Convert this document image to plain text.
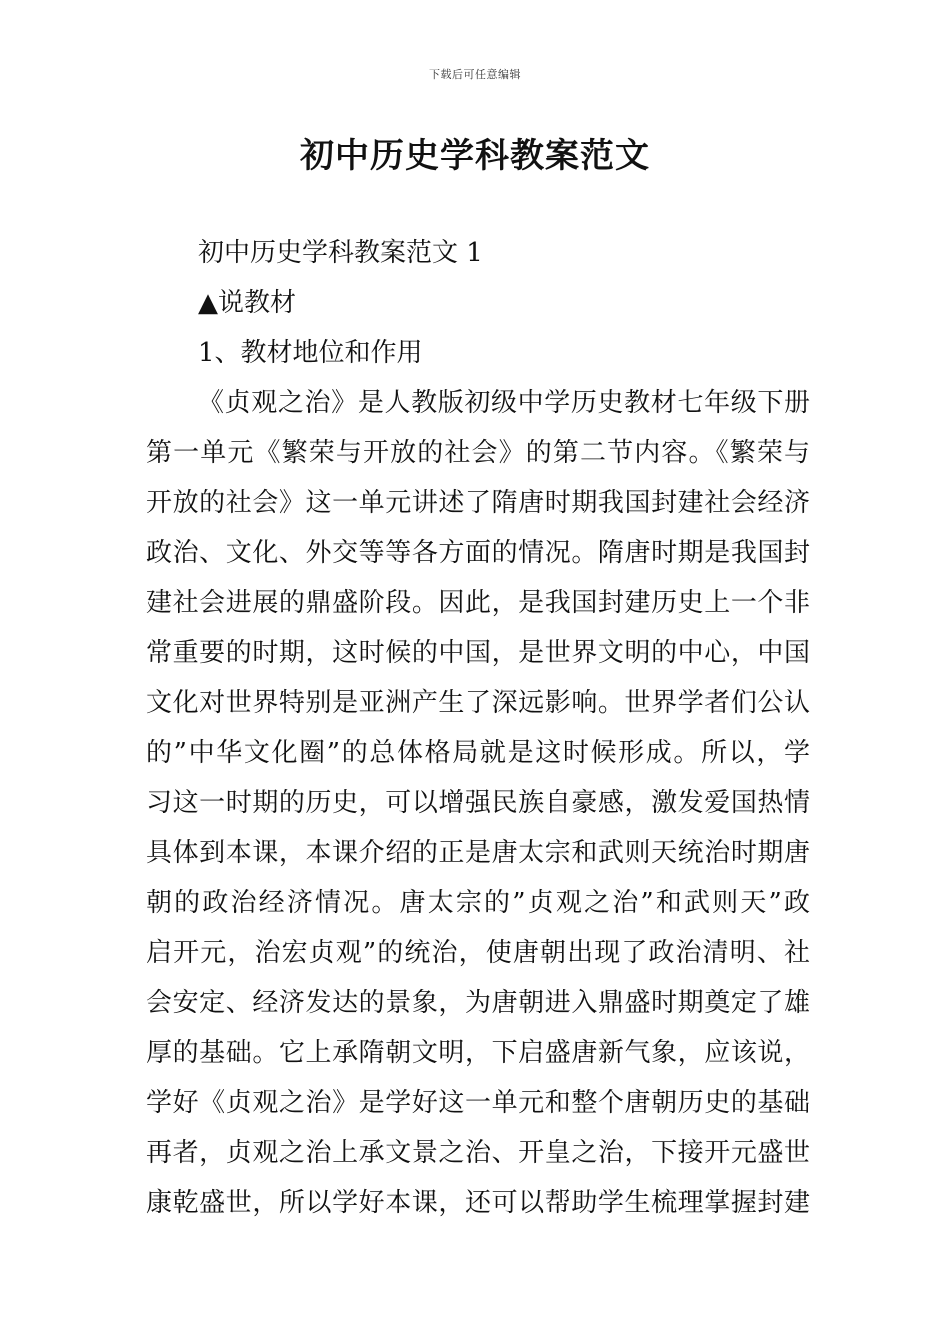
下载后可任意编辑
初中历史学科教案范文

初中历史学科教案范文 1

▲说教材

1、教材地位和作用

《贞观之治》是人教版初级中学历史教材七年级下册
第一单元《繁荣与开放的社会》的第二节内容。《繁荣与
开放的社会》这一单元讲述了隋唐时期我国封建社会经济
政治、文化、外交等等各方面的情况。隋唐时期是我国封
建社会进展的鼎盛阶段。因此，是我国封建历史上一个非
常重要的时期，这时候的中国，是世界文明的中心，中国
文化对世界特别是亚洲产生了深远影响。世界学者们公认
的”中华文化圈”的总体格局就是这时候形成。所以，学
习这一时期的历史，可以增强民族自豪感，激发爱国热情
具体到本课，本课介绍的正是唐太宗和武则天统治时期唐
朝的政治经济情况。唐太宗的”贞观之治”和武则天”政
启开元，治宏贞观”的统治，使唐朝出现了政治清明、社
会安定、经济发达的景象，为唐朝进入鼎盛时期奠定了雄
厚的基础。它上承隋朝文明，下启盛唐新气象，应该说，
学好《贞观之治》是学好这一单元和整个唐朝历史的基础
再者，贞观之治上承文景之治、开皇之治，下接开元盛世
康乾盛世，所以学好本课，还可以帮助学生梳理掌握封建
